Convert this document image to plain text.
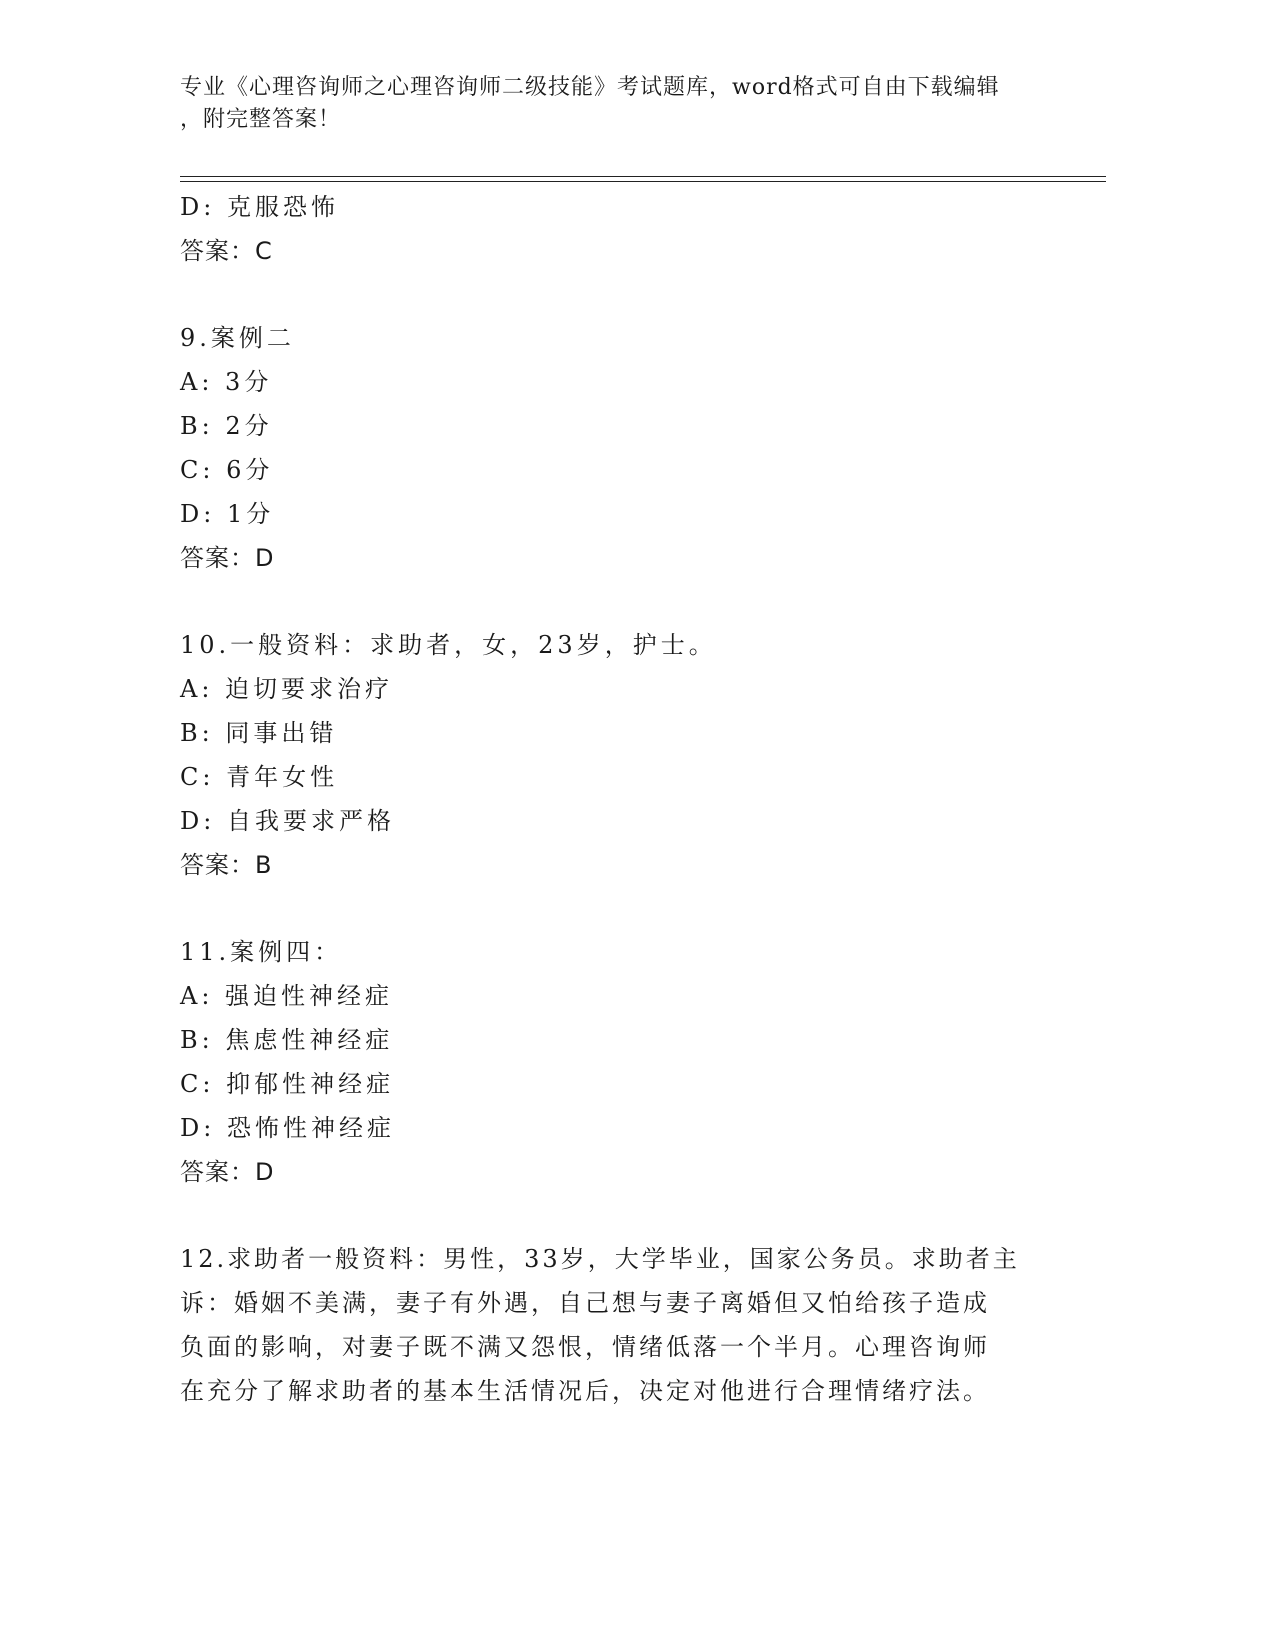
专业《心理咨询师之心理咨询师二级技能》考试题库，word格式可自由下载编辑
，附完整答案！
D: 克服恐怖
答案：C
9.案例二
A: 3分
B: 2分
C: 6分
D: 1分
答案：D
10.一般资料：求助者，女，23岁，护士。
A: 迫切要求治疗
B: 同事出错
C: 青年女性
D: 自我要求严格
答案：B
11.案例四：
A: 强迫性神经症
B: 焦虑性神经症
C: 抑郁性神经症
D: 恐怖性神经症
答案：D
12.求助者一般资料：男性，33岁，大学毕业，国家公务员。求助者主
诉：婚姻不美满，妻子有外遇，自己想与妻子离婚但又怕给孩子造成
负面的影响，对妻子既不满又怨恨，情绪低落一个半月。心理咨询师
在充分了解求助者的基本生活情况后，决定对他进行合理情绪疗法。
